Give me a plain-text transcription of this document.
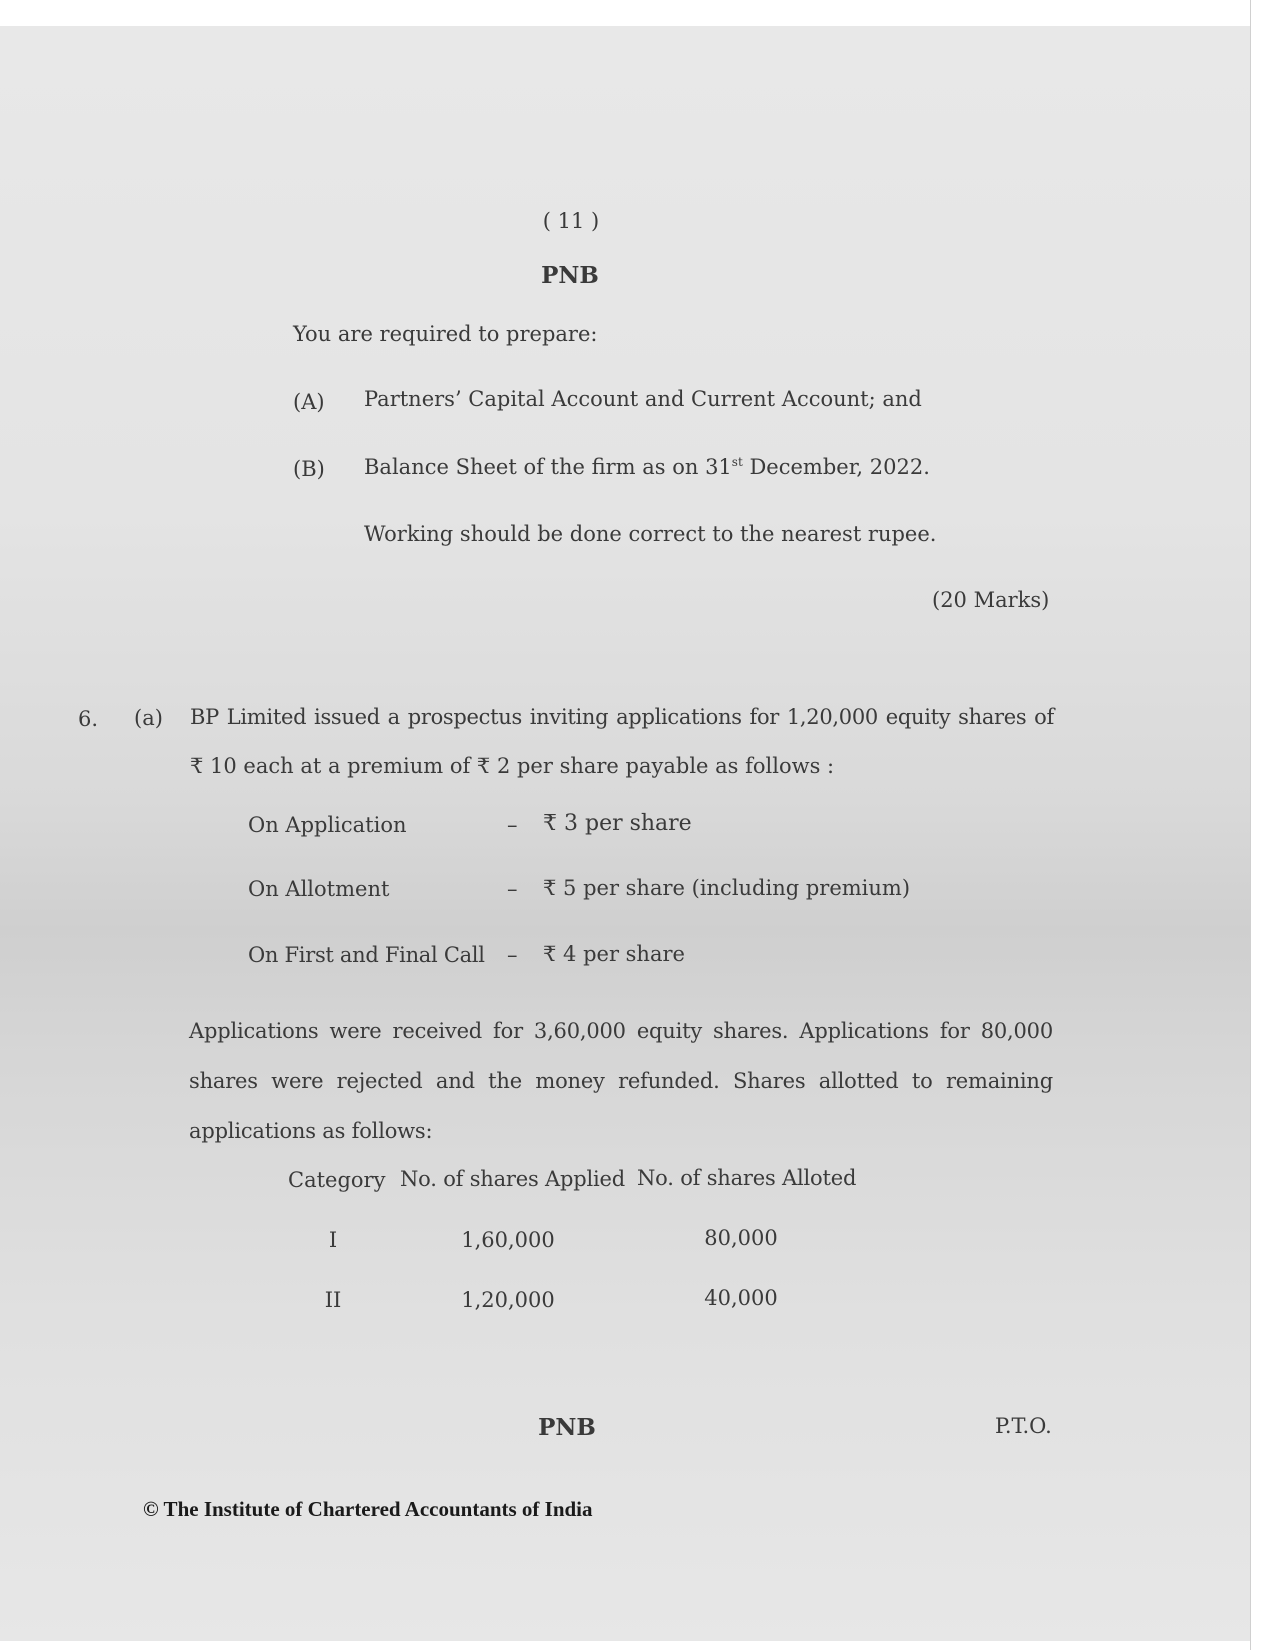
( 11 )
PNB
You are required to prepare:
(A) Partners’ Capital Account and Current Account; and
(B) Balance Sheet of the firm as on 31st December, 2022.
Working should be done correct to the nearest rupee.
(20 Marks)
6. (a) BP Limited issued a prospectus inviting applications for 1,20,000 equity shares of
₹ 10 each at a premium of ₹ 2 per share payable as follows :
On Application	– ₹ 3 per share
On Allotment	– ₹ 5 per share (including premium)
On First and Final Call – ₹ 4 per share
Applications were received for 3,60,000 equity shares. Applications for 80,000 shares were rejected and the money refunded. Shares allotted to remaining applications as follows:
Category No. of shares Applied No. of shares Alloted
I	1,60,000	80,000
II	1,20,000	40,000
PNB	P.T.O.
© The Institute of Chartered Accountants of India
